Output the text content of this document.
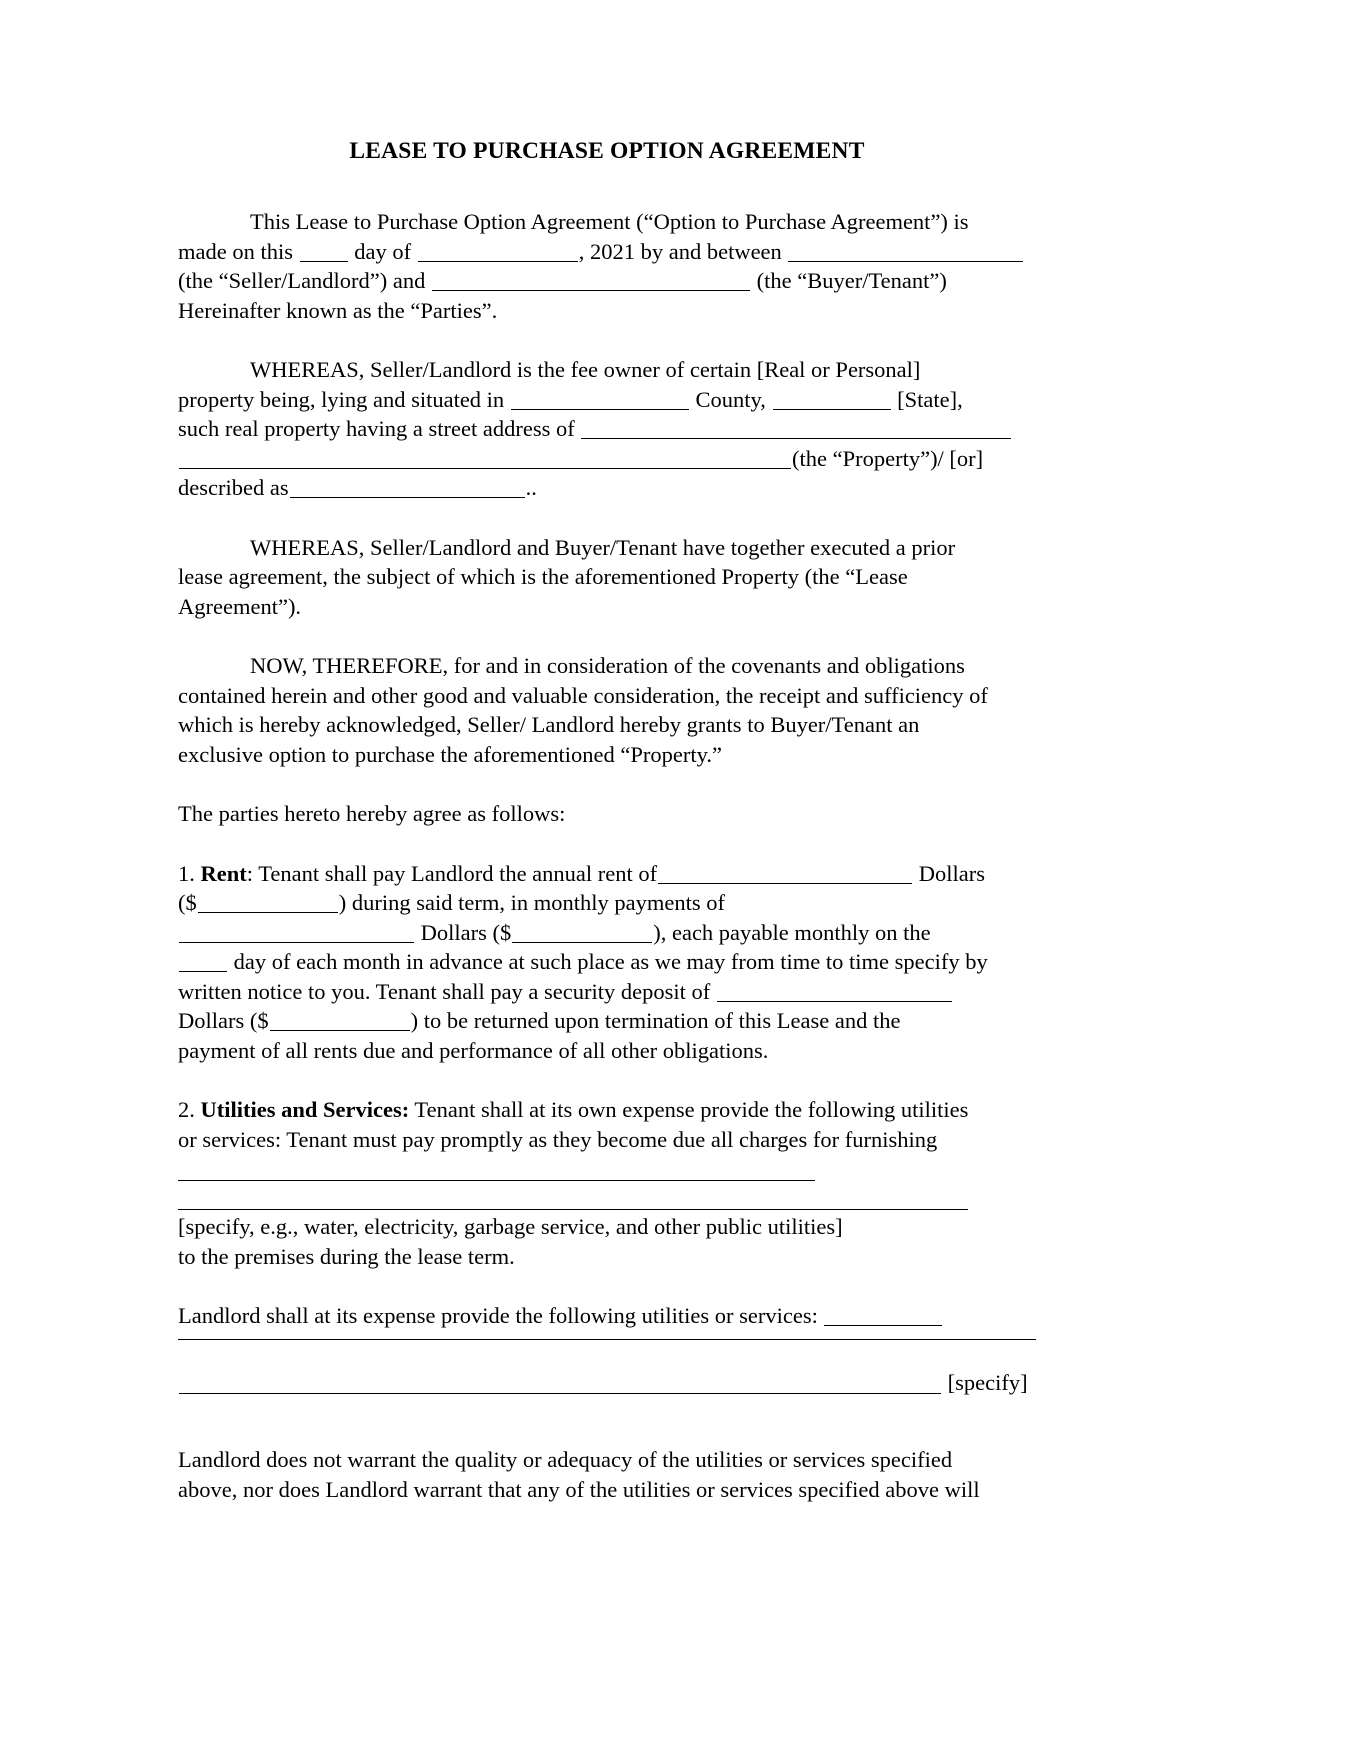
LEASE TO PURCHASE OPTION AGREEMENT

This Lease to Purchase Option Agreement (“Option to Purchase Agreement”) is
made on this	day of	, 2021 by and between
(the “Seller/Landlord”) and	(the “Buyer/Tenant”)
Hereinafter known as the “Parties”.

WHEREAS, Seller/Landlord is the fee owner of certain [Real or Personal]
property being, lying and situated in	County,	[State],
such real property having a street address of
(the “Property”)/ [or]
described as	..

WHEREAS, Seller/Landlord and Buyer/Tenant have together executed a prior
lease agreement, the subject of which is the aforementioned Property (the “Lease
Agreement”).

NOW, THEREFORE, for and in consideration of the covenants and obligations
contained herein and other good and valuable consideration, the receipt and sufficiency of
which is hereby acknowledged, Seller/ Landlord hereby grants to Buyer/Tenant an
exclusive option to purchase the aforementioned “Property.”

The parties hereto hereby agree as follows:

1. Rent: Tenant shall pay Landlord the annual rent of	Dollars
($	) during said term, in monthly payments of
Dollars ($	), each payable monthly on the
day of each month in advance at such place as we may from time to time specify by
written notice to you. Tenant shall pay a security deposit of
Dollars ($	) to be returned upon termination of this Lease and the
payment of all rents due and performance of all other obligations.

2. Utilities and Services: Tenant shall at its own expense provide the following utilities
or services: Tenant must pay promptly as they become due all charges for furnishing

[specify, e.g., water, electricity, garbage service, and other public utilities]
to the premises during the lease term.

Landlord shall at its expense provide the following utilities or services:

[specify]

Landlord does not warrant the quality or adequacy of the utilities or services specified
above, nor does Landlord warrant that any of the utilities or services specified above will
